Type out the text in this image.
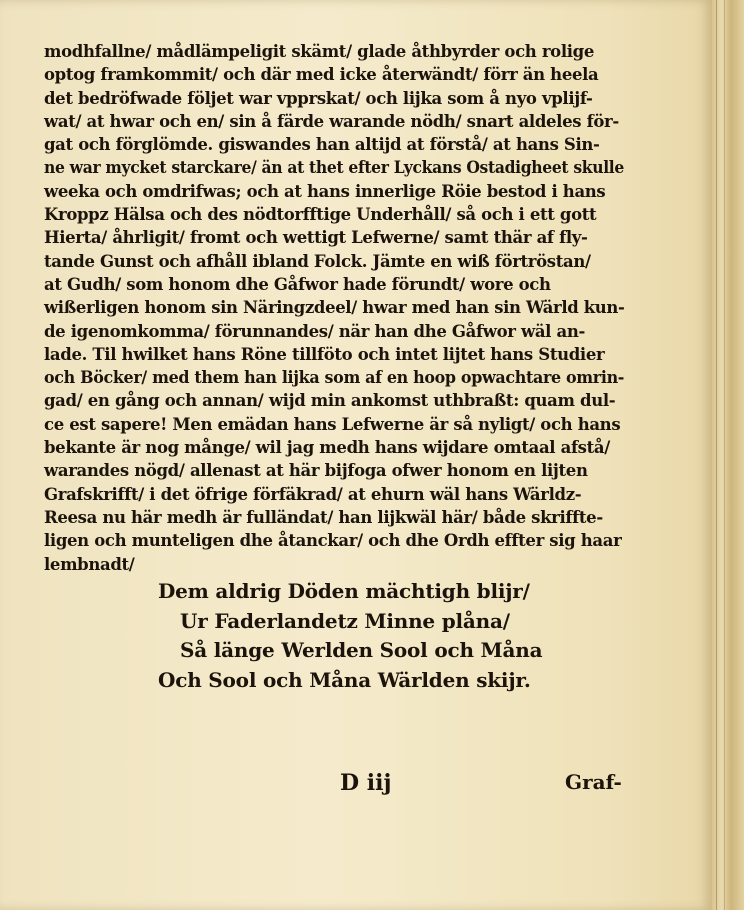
modhfallne/ mådlämpeligit skämt/ glade åthbyrder och rolige
optog framkommit/ och där med icke återwändt/ förr än heela
det bedröfwade följet war vpprskat/ och lijka som å nyo vplijf-
wat/ at hwar och en/ sin å färde warande nödh/ snart aldeles för-
gat och förglömde. giswandes han altijd at förstå/ at hans Sin-
ne war mycket starckare/ än at thet efter Lyckans Ostadigheet skulle
weeka och omdrifwas; och at hans innerlige Röie bestod i hans
Kroppz Hälsa och des nödtorfftige Underhåll/ så och i ett gott
Hierta/ åhrligit/ fromt och wettigt Lefwerne/ samt thär af fly-
tande Gunst och afhåll ibland Folck. Jämte en wiß förtröstan/
at Gudh/ som honom dhe Gåfwor hade förundt/ wore och
wißerligen honom sin Näringzdeel/ hwar med han sin Wärld kun-
de igenomkomma/ förunnandes/ när han dhe Gåfwor wäl an-
lade. Til hwilket hans Röne tillföto och intet lijtet hans Studier
och Böcker/ med them han lijka som af en hoop opwachtare omrin-
gad/ en gång och annan/ wijd min ankomst uthbraßt: quam dul-
ce est sapere! Men emädan hans Lefwerne är så nyligt/ och hans
bekante är nog månge/ wil jag medh hans wijdare omtaal afstå/
warandes nögd/ allenast at här bijfoga ofwer honom en lijten
Grafskrifft/ i det öfrige förfäkrad/ at ehurn wäl hans Wärldz-
Reesa nu här medh är fulländat/ han lijkwäl här/ både skriffte-
ligen och munteligen dhe åtanckar/ och dhe Ordh effter sig haar
lembnadt/
Dem aldrig Döden mächtigh blijr/
Ur Faderlandetz Minne plåna/
Så länge Werlden Sool och Måna
Och Sool och Måna Wärlden skijr.
D iij	Graf-
